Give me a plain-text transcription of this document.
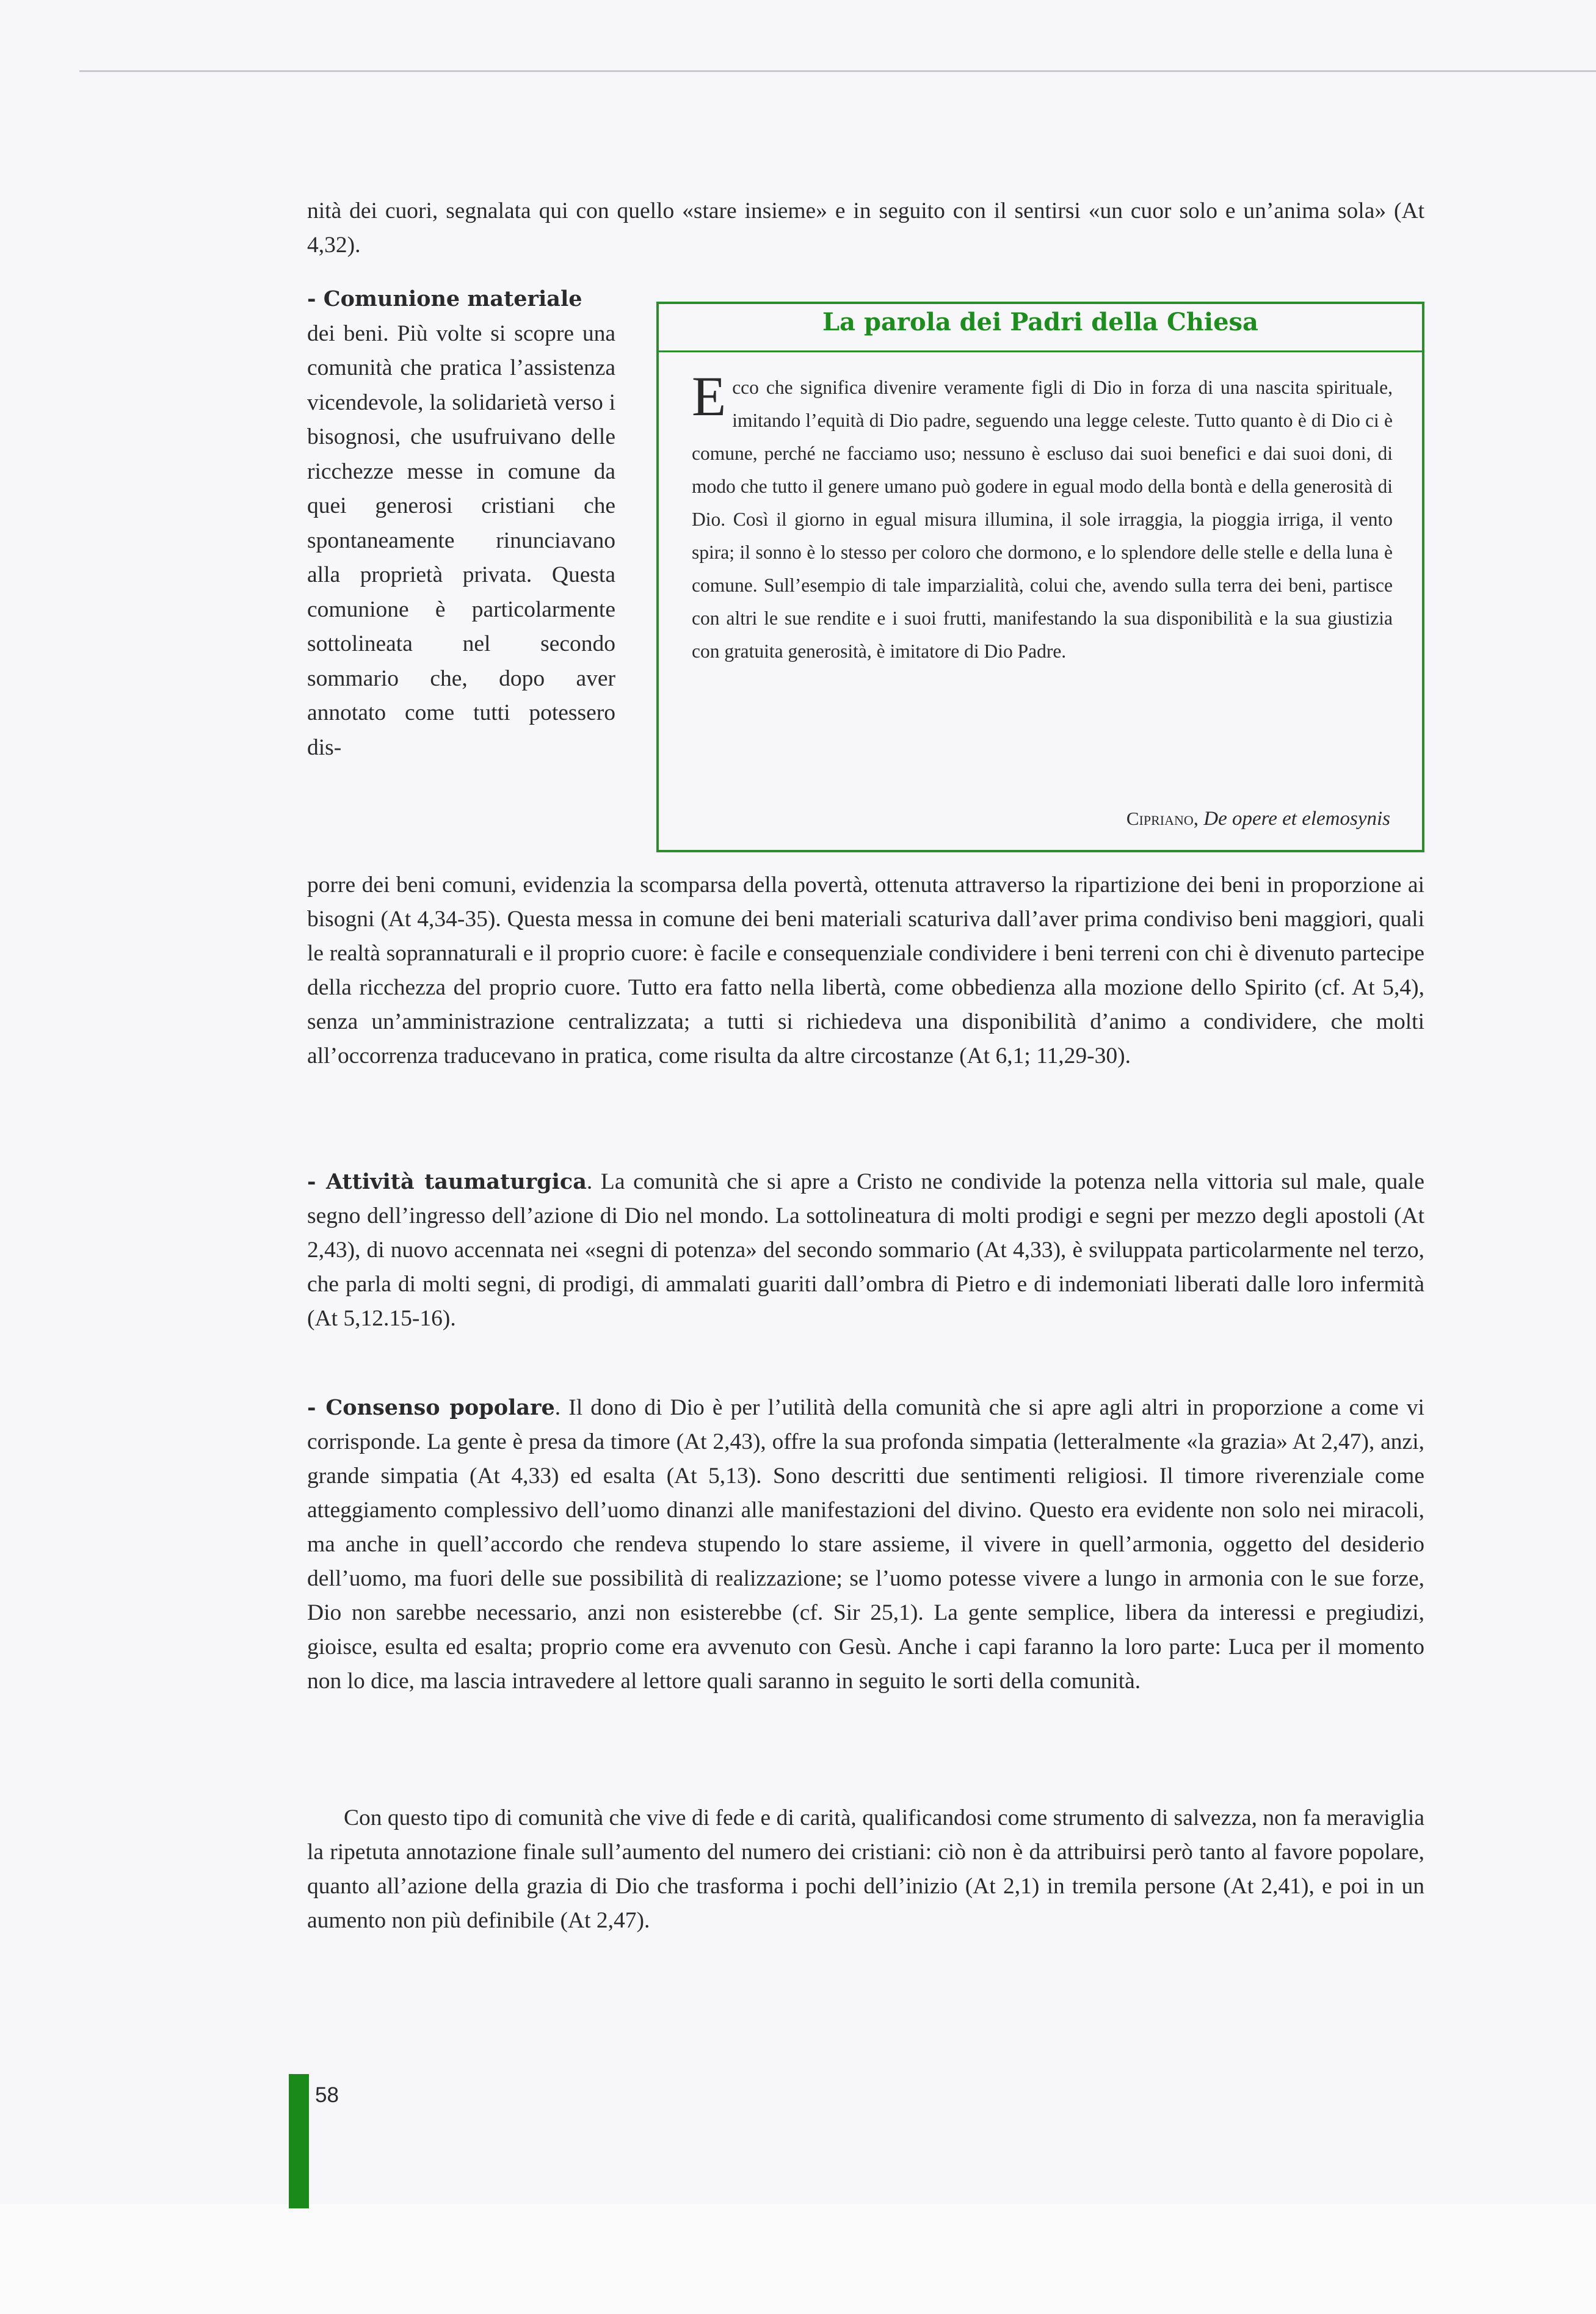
nità dei cuori, segnalata qui con quello «stare insieme» e in seguito con il sentirsi «un cuor solo e un’anima sola» (At 4,32).

- Comunione materiale
dei beni. Più volte si scopre una comunità che pratica l’assistenza vicendevole, la solidarietà verso i bisognosi, che usufruivano delle ricchezze messe in comune da quei generosi cristiani che spontaneamente rinunciavano alla proprietà privata. Questa comunione è particolarmente sottolineata nel secondo sommario che, dopo aver annotato come tutti potessero dis-

La parola dei Padri della Chiesa

Ecco che significa divenire veramente figli di Dio in forza di una nascita spirituale, imitando l’equità di Dio padre, seguendo una legge celeste. Tutto quanto è di Dio ci è comune, perché ne facciamo uso; nessuno è escluso dai suoi benefici e dai suoi doni, di modo che tutto il genere umano può godere in egual modo della bontà e della generosità di Dio. Così il giorno in egual misura illumina, il sole irraggia, la pioggia irriga, il vento spira; il sonno è lo stesso per coloro che dormono, e lo splendore delle stelle e della luna è comune. Sull’esempio di tale imparzialità, colui che, avendo sulla terra dei beni, partisce con altri le sue rendite e i suoi frutti, manifestando la sua disponibilità e la sua giustizia con gratuita generosità, è imitatore di Dio Padre.

Cipriano, De opere et elemosynis

porre dei beni comuni, evidenzia la scomparsa della povertà, ottenuta attraverso la ripartizione dei beni in proporzione ai bisogni (At 4,34-35). Questa messa in comune dei beni materiali scaturiva dall’aver prima condiviso beni maggiori, quali le realtà soprannaturali e il proprio cuore: è facile e consequenziale condividere i beni terreni con chi è divenuto partecipe della ricchezza del proprio cuore. Tutto era fatto nella libertà, come obbedienza alla mozione dello Spirito (cf. At 5,4), senza un’amministrazione centralizzata; a tutti si richiedeva una disponibilità d’animo a condividere, che molti all’occorrenza traducevano in pratica, come risulta da altre circostanze (At 6,1; 11,29-30).

- Attività taumaturgica. La comunità che si apre a Cristo ne condivide la potenza nella vittoria sul male, quale segno dell’ingresso dell’azione di Dio nel mondo. La sottolineatura di molti prodigi e segni per mezzo degli apostoli (At 2,43), di nuovo accennata nei «segni di potenza» del secondo sommario (At 4,33), è sviluppata particolarmente nel terzo, che parla di molti segni, di prodigi, di ammalati guariti dall’ombra di Pietro e di indemoniati liberati dalle loro infermità (At 5,12.15-16).

- Consenso popolare. Il dono di Dio è per l’utilità della comunità che si apre agli altri in proporzione a come vi corrisponde. La gente è presa da timore (At 2,43), offre la sua profonda simpatia (letteralmente «la grazia» At 2,47), anzi, grande simpatia (At 4,33) ed esalta (At 5,13). Sono descritti due sentimenti religiosi. Il timore riverenziale come atteggiamento complessivo dell’uomo dinanzi alle manifestazioni del divino. Questo era evidente non solo nei miracoli, ma anche in quell’accordo che rendeva stupendo lo stare assieme, il vivere in quell’armonia, oggetto del desiderio dell’uomo, ma fuori delle sue possibilità di realizzazione; se l’uomo potesse vivere a lungo in armonia con le sue forze, Dio non sarebbe necessario, anzi non esisterebbe (cf. Sir 25,1). La gente semplice, libera da interessi e pregiudizi, gioisce, esulta ed esalta; proprio come era avvenuto con Gesù. Anche i capi faranno la loro parte: Luca per il momento non lo dice, ma lascia intravedere al lettore quali saranno in seguito le sorti della comunità.

Con questo tipo di comunità che vive di fede e di carità, qualificandosi come strumento di salvezza, non fa meraviglia la ripetuta annotazione finale sull’aumento del numero dei cristiani: ciò non è da attribuirsi però tanto al favore popolare, quanto all’azione della grazia di Dio che trasforma i pochi dell’inizio (At 2,1) in tremila persone (At 2,41), e poi in un aumento non più definibile (At 2,47).

58
